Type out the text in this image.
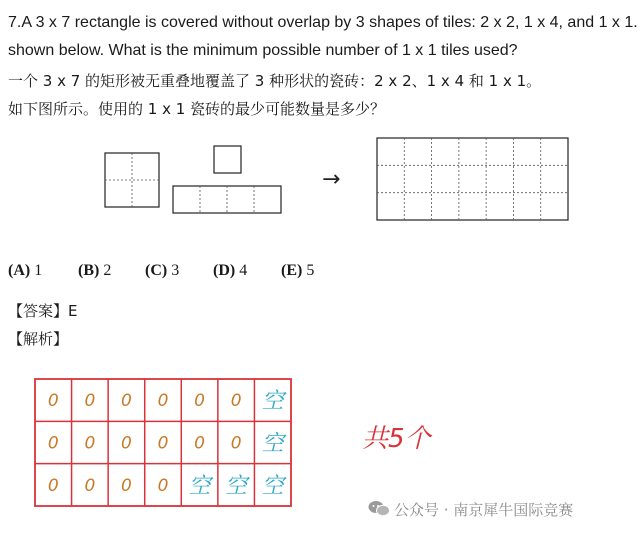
7.A 3 x 7 rectangle is covered without overlap by 3 shapes of tiles: 2 x 2, 1 x 4, and 1 x 1.
shown below. What is the minimum possible number of 1 x 1 tiles used?
一个 3 x 7 的矩形被无重叠地覆盖了 3 种形状的瓷砖：2 x 2、1 x 4 和 1 x 1。
如下图所示。使用的 1 x 1 瓷砖的最少可能数量是多少？
→
0 0 0 0 0 0 空
0 0 0 0 0 0 空
0 0 0 0 空 空 空
共5个
(A) 1 (B) 2 (C) 3 (D) 4 (E) 5
【答案】E
【解析】
公众号 · 南京犀牛国际竞赛
